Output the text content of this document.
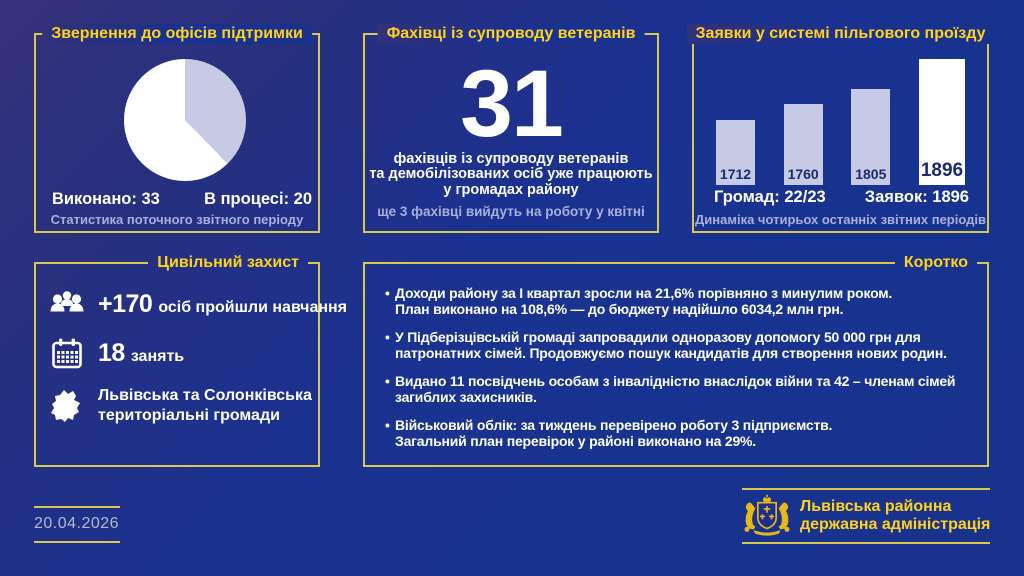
Звернення до офісів підтримки
Виконано: 33	В процесі: 20
Статистика поточного звітного періоду
Фахівці із супроводу ветеранів
31
фахівців із супроводу ветеранів
та демобілізованих осіб уже працюють
у громадах району
ще 3 фахівці вийдуть на роботу у квітні
Заявки у системі пільгового проїзду
1712	1760	1805 1896
Громад: 22/23 Заявок: 1896
Динаміка чотирьох останніх звітних періодів
Цивільний захист
+170 осіб пройшли навчання
18 занять
Львівська та Солонківська
територіальні громади
Коротко
• Доходи району за І квартал зросли на 21,6% порівняно з минулим роком.
План виконано на 108,6% — до бюджету надійшло 6034,2 млн грн.
• У Підберізцівській громаді запровадили одноразову допомогу 50 000 грн для
патронатних сімей. Продовжуємо пошук кандидатів для створення нових родин.
• Видано 11 посвідчень особам з інвалідністю внаслідок війни та 42 – членам сімей
загиблих захисників.
• Військовий облік: за тиждень перевірено роботу 3 підприємств.
Загальний план перевірок у районі виконано на 29%.
20.04.2026
Львівська районна
державна адміністрація
